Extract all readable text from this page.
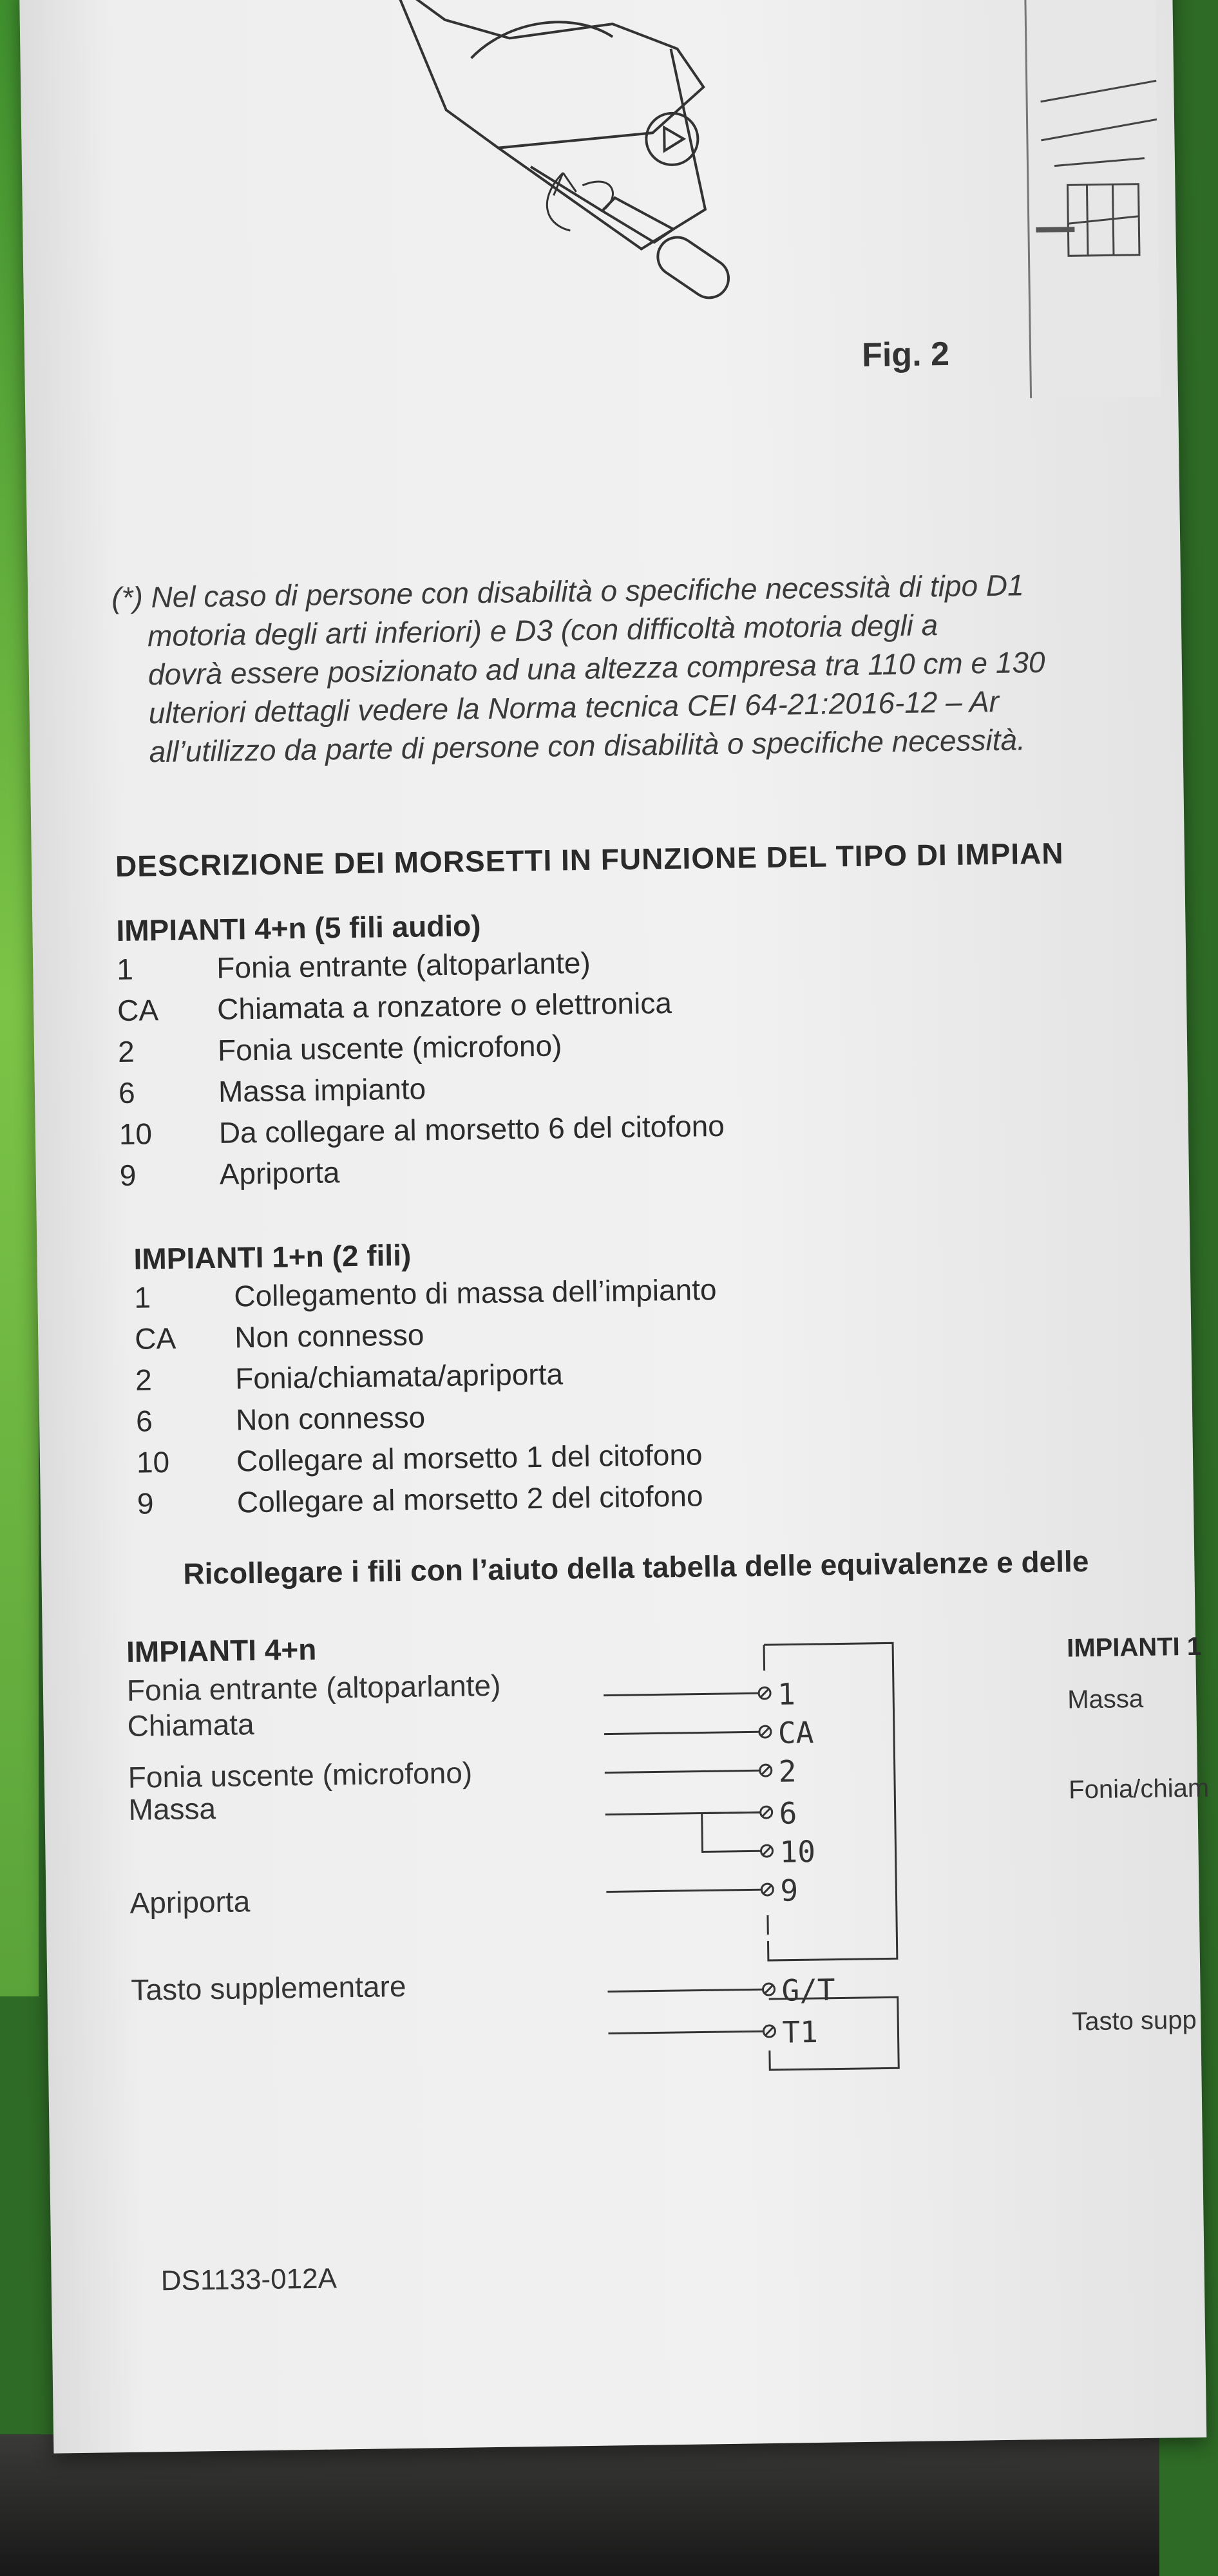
Fig. 2
(*) Nel caso di persone con disabilità o specifiche necessità di tipo D1
motoria degli arti inferiori) e D3 (con difficoltà motoria degli a
dovrà essere posizionato ad una altezza compresa tra 110 cm e 130
ulteriori dettagli vedere la Norma tecnica CEI 64-21:2016-12 – Ar
all’utilizzo da parte di persone con disabilità o specifiche necessità.
DESCRIZIONE DEI MORSETTI IN FUNZIONE DEL TIPO DI IMPIAN
IMPIANTI 4+n (5 fili audio)
1	Fonia entrante (altoparlante)
CA	Chiamata a ronzatore o elettronica
2	Fonia uscente (microfono)
6	Massa impianto
10	Da collegare al morsetto 6 del citofono
9	Apriporta
IMPIANTI 1+n (2 fili)
1	Collegamento di massa dell’impianto
CA	Non connesso
2	Fonia/chiamata/apriporta
6	Non connesso
10	Collegare al morsetto 1 del citofono
9	Collegare al morsetto 2 del citofono
Ricollegare i fili con l’aiuto della tabella delle equivalenze e delle
IMPIANTI 4+n
Fonia entrante (altoparlante)
Chiamata
Fonia uscente (microfono)
Massa
Apriporta
Tasto supplementare
1
CA
2
6
10
9
G/T
T1
IMPIANTI 1
Massa
Fonia/chiam
Tasto supp
DS1133-012A
